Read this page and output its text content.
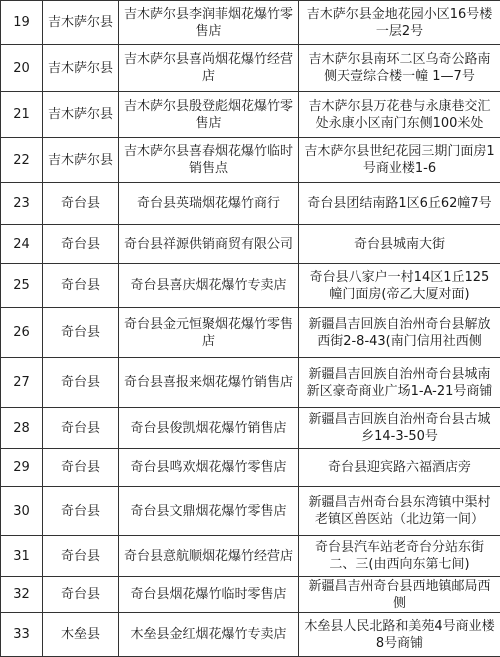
19	吉木萨尔县	吉木萨尔县李润菲烟花爆竹零售店	吉木萨尔县金地花园小区16号楼一层2号
20	吉木萨尔县	吉木萨尔县喜尚烟花爆竹经营店	吉木萨尔县南环二区乌奇公路南侧天壹综合楼一幢 1—7号
21	吉木萨尔县	吉木萨尔县殷登彪烟花爆竹零售店	吉木萨尔县万花巷与永康巷交汇处永康小区南门东侧100米处
22	吉木萨尔县	吉木萨尔县喜春烟花爆竹临时销售点	吉木萨尔县世纪花园三期门面房1号商业楼1-6
23	奇台县	奇台县英瑞烟花爆竹商行	奇台县团结南路1区6丘62幢7号
24	奇台县	奇台县祥源供销商贸有限公司	奇台县城南大街
25	奇台县	奇台县喜庆烟花爆竹专卖店	奇台县八家户一村14区1丘125幢门面房(帝乙大厦对面)
26	奇台县	奇台县金元恒聚烟花爆竹零售店	新疆昌吉回族自治州奇台县解放西街2-8-43(南门信用社西侧
27	奇台县	奇台县喜报来烟花爆竹销售店	新疆昌吉回族自治州奇台县城南新区豪奇商业广场1-A-21号商铺
28	奇台县	奇台县俊凯烟花爆竹销售店	新疆昌吉回族自治州奇台县古城乡14-3-50号
29	奇台县	奇台县鸣欢烟花爆竹零售店	奇台县迎宾路六福酒店旁
30	奇台县	奇台县文鼎烟花爆竹零售店	新疆昌吉州奇台县东湾镇中渠村老镇区兽医站（北边第一间）
31	奇台县	奇台县意航顺烟花爆竹经营店	奇台县汽车站老奇台分站东街二、三(由西向东第七间)
32	奇台县	奇台县烟花爆竹临时零售店	新疆昌吉州奇台县西地镇邮局西侧
33	木垒县	木垒县金红烟花爆竹专卖店	木垒县人民北路和美苑4号商业楼8号商铺
